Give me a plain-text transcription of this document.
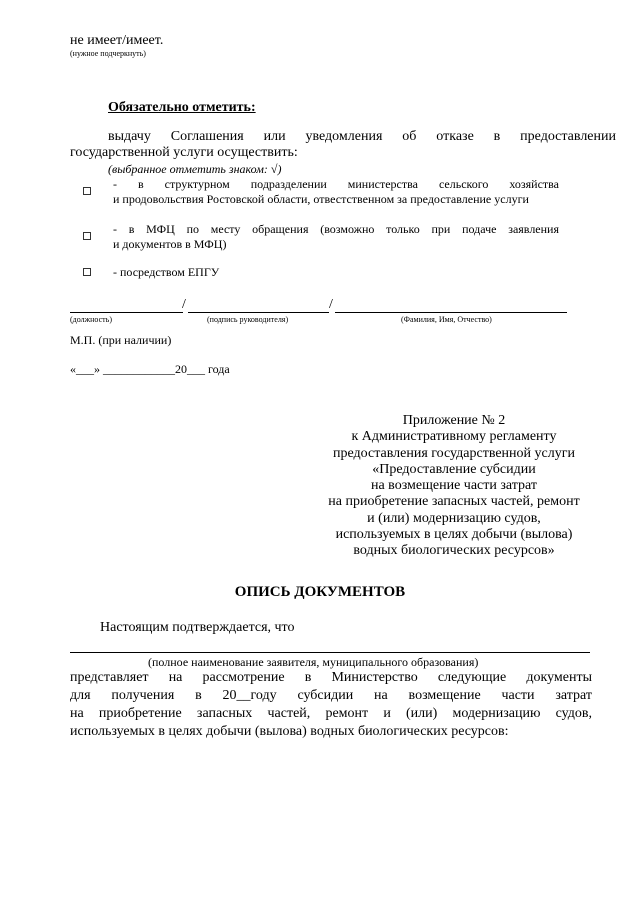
не имеет/имеет.
(нужное подчеркнуть)
Обязательно отметить:
выдачу Соглашения или уведомления об отказе в предоставлении
государственной услуги осуществить:
(выбранное отметить знаком: √)
- в структурном подразделении министерства сельского хозяйства
и продовольствия Ростовской области, отвестственном за предоставление услуги
- в МФЦ по месту обращения (возможно только при подаче заявления
и документов в МФЦ)
- посредством ЕПГУ
/	/
(должность)	(подпись руководителя)	(Фамилия, Имя, Отчество)
М.П. (при наличии)
«___» ____________20___ года
Приложение № 2
к Административному регламенту
предоставления государственной услуги
«Предоставление субсидии
на возмещение части затрат
на приобретение запасных частей, ремонт
и (или) модернизацию судов,
используемых в целях добычи (вылова)
водных биологических ресурсов»
ОПИСЬ ДОКУМЕНТОВ
Настоящим подтверждается, что
(полное наименование заявителя, муниципального образования)
представляет на рассмотрение в Министерство следующие документы
для получения в 20__году субсидии на возмещение части затрат
на приобретение запасных частей, ремонт и (или) модернизацию судов,
используемых в целях добычи (вылова) водных биологических ресурсов:
